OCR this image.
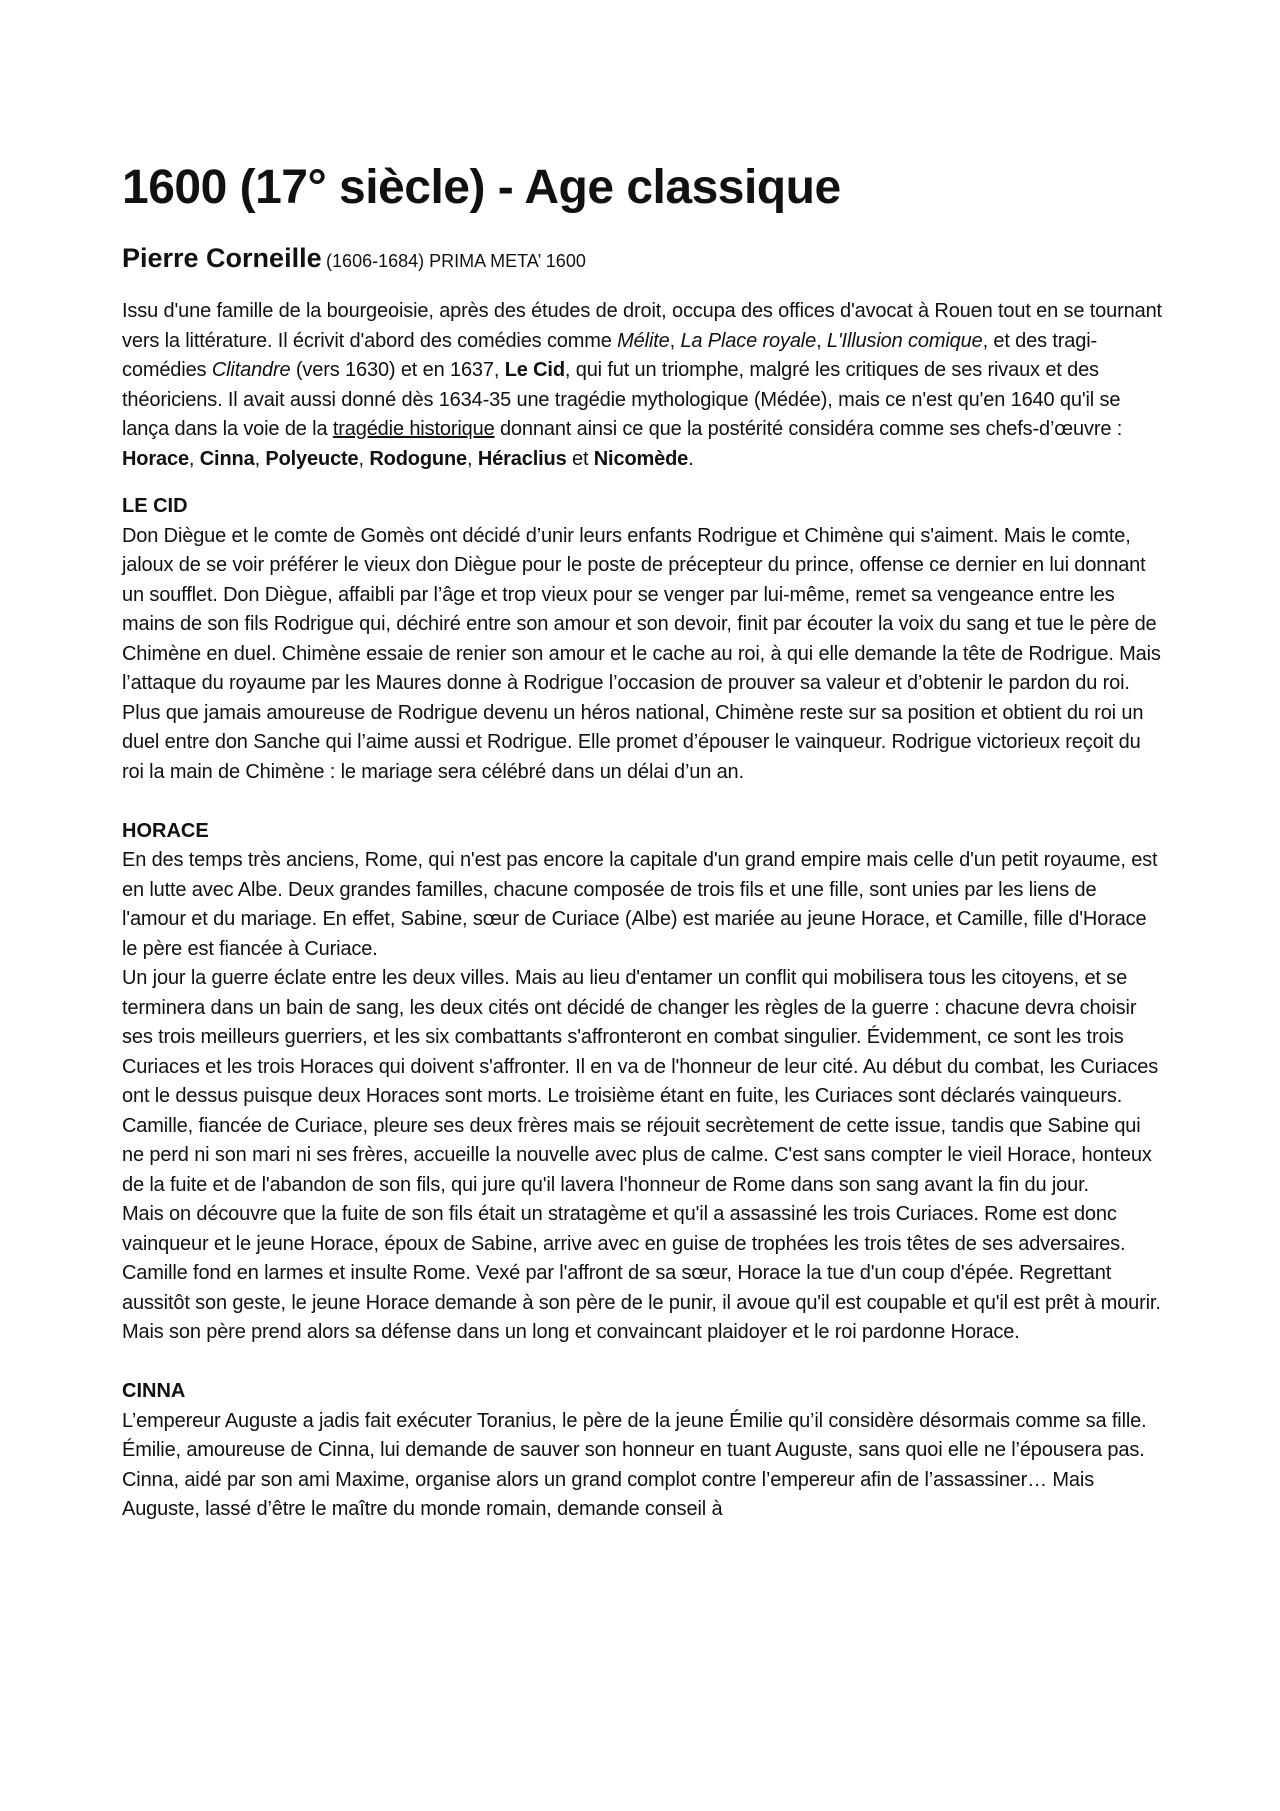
1600 (17° siècle) - Age classique

Pierre Corneille (1606-1684) PRIMA META’ 1600

Issu d'une famille de la bourgeoisie, après des études de droit, occupa des offices d'avocat à Rouen tout en se tournant vers la littérature. Il écrivit d'abord des comédies comme Mélite, La Place royale, L'Illusion comique, et des tragi-comédies Clitandre (vers 1630) et en 1637, Le Cid, qui fut un triomphe, malgré les critiques de ses rivaux et des théoriciens. Il avait aussi donné dès 1634-35 une tragédie mythologique (Médée), mais ce n'est qu'en 1640 qu'il se lança dans la voie de la tragédie historique donnant ainsi ce que la postérité considéra comme ses chefs-d’œuvre : Horace, Cinna, Polyeucte, Rodogune, Héraclius et Nicomède.

LE CID

Don Diègue et le comte de Gomès ont décidé d’unir leurs enfants Rodrigue et Chimène qui s'aiment. Mais le comte, jaloux de se voir préférer le vieux don Diègue pour le poste de précepteur du prince, offense ce dernier en lui donnant un soufflet. Don Diègue, affaibli par l’âge et trop vieux pour se venger par lui-même, remet sa vengeance entre les mains de son fils Rodrigue qui, déchiré entre son amour et son devoir, finit par écouter la voix du sang et tue le père de Chimène en duel. Chimène essaie de renier son amour et le cache au roi, à qui elle demande la tête de Rodrigue. Mais l’attaque du royaume par les Maures donne à Rodrigue l’occasion de prouver sa valeur et d’obtenir le pardon du roi. Plus que jamais amoureuse de Rodrigue devenu un héros national, Chimène reste sur sa position et obtient du roi un duel entre don Sanche qui l’aime aussi et Rodrigue. Elle promet d’épouser le vainqueur. Rodrigue victorieux reçoit du roi la main de Chimène : le mariage sera célébré dans un délai d’un an.

HORACE

En des temps très anciens, Rome, qui n'est pas encore la capitale d'un grand empire mais celle d'un petit royaume, est en lutte avec Albe. Deux grandes familles, chacune composée de trois fils et une fille, sont unies par les liens de l'amour et du mariage. En effet, Sabine, sœur de Curiace (Albe) est mariée au jeune Horace, et Camille, fille d'Horace le père est fiancée à Curiace.

Un jour la guerre éclate entre les deux villes. Mais au lieu d'entamer un conflit qui mobilisera tous les citoyens, et se terminera dans un bain de sang, les deux cités ont décidé de changer les règles de la guerre : chacune devra choisir ses trois meilleurs guerriers, et les six combattants s'affronteront en combat singulier. Évidemment, ce sont les trois Curiaces et les trois Horaces qui doivent s'affronter. Il en va de l'honneur de leur cité. Au début du combat, les Curiaces ont le dessus puisque deux Horaces sont morts. Le troisième étant en fuite, les Curiaces sont déclarés vainqueurs.

Camille, fiancée de Curiace, pleure ses deux frères mais se réjouit secrètement de cette issue, tandis que Sabine qui ne perd ni son mari ni ses frères, accueille la nouvelle avec plus de calme. C'est sans compter le vieil Horace, honteux de la fuite et de l'abandon de son fils, qui jure qu'il lavera l'honneur de Rome dans son sang avant la fin du jour.

Mais on découvre que la fuite de son fils était un stratagème et qu'il a assassiné les trois Curiaces. Rome est donc vainqueur et le jeune Horace, époux de Sabine, arrive avec en guise de trophées les trois têtes de ses adversaires. Camille fond en larmes et insulte Rome. Vexé par l'affront de sa sœur, Horace la tue d'un coup d'épée. Regrettant aussitôt son geste, le jeune Horace demande à son père de le punir, il avoue qu'il est coupable et qu'il est prêt à mourir. Mais son père prend alors sa défense dans un long et convaincant plaidoyer et le roi pardonne Horace.

CINNA

L’empereur Auguste a jadis fait exécuter Toranius, le père de la jeune Émilie qu’il considère désormais comme sa fille. Émilie, amoureuse de Cinna, lui demande de sauver son honneur en tuant Auguste, sans quoi elle ne l’épousera pas. Cinna, aidé par son ami Maxime, organise alors un grand complot contre l’empereur afin de l’assassiner… Mais Auguste, lassé d’être le maître du monde romain, demande conseil à
